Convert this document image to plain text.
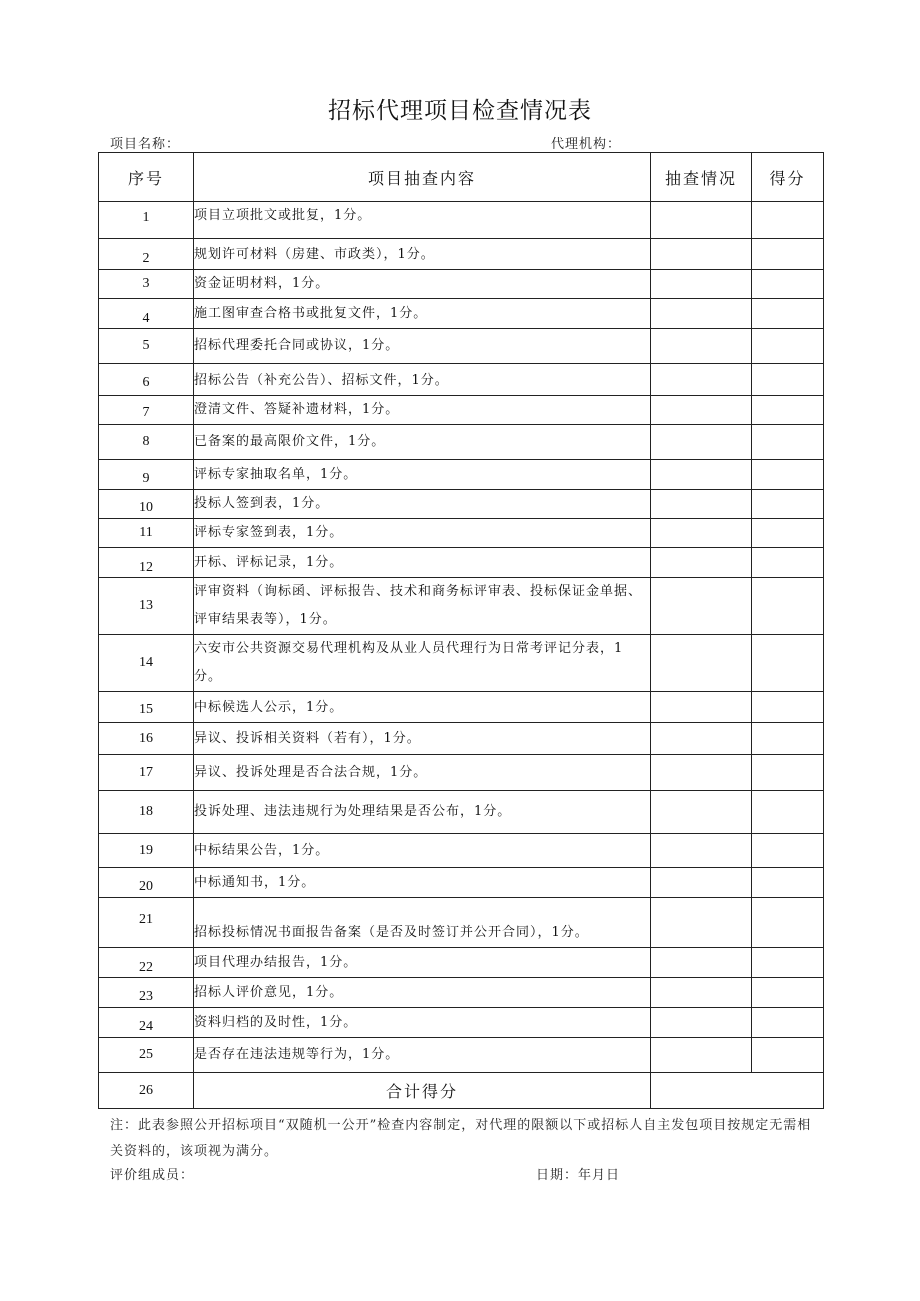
招标代理项目检查情况表
项目名称：	代理机构：
序号	项目抽查内容	抽查情况	得分
1	项目立项批文或批复，1分。		
2	规划许可材料（房建、市政类），1分。		
3	资金证明材料，1分。		
4	施工图审查合格书或批复文件，1分。		
5	招标代理委托合同或协议，1分。		
6	招标公告（补充公告）、招标文件，1分。		
7	澄清文件、答疑补遗材料，1分。		
8	已备案的最高限价文件，1分。		
9	评标专家抽取名单，1分。		
10	投标人签到表，1分。		
11	评标专家签到表，1分。		
12	开标、评标记录，1分。		
13	评审资料（询标函、评标报告、技术和商务标评审表、投标保证金单据、评审结果表等），1分。		
14	六安市公共资源交易代理机构及从业人员代理行为日常考评记分表，1分。		
15	中标候选人公示，1分。		
16	异议、投诉相关资料（若有），1分。		
17	异议、投诉处理是否合法合规，1分。		
18	投诉处理、违法违规行为处理结果是否公布，1分。		
19	中标结果公告，1分。		
20	中标通知书，1分。		
21	招标投标情况书面报告备案（是否及时签订并公开合同），1分。		
22	项目代理办结报告，1分。		
23	招标人评价意见，1分。		
24	资料归档的及时性，1分。		
25	是否存在违法违规等行为，1分。		
26	合计得分		
注：此表参照公开招标项目“双随机一公开”检查内容制定，对代理的限额以下或招标人自主发包项目按规定无需相关资料的，该项视为满分。
评价组成员：	日期：年月日
